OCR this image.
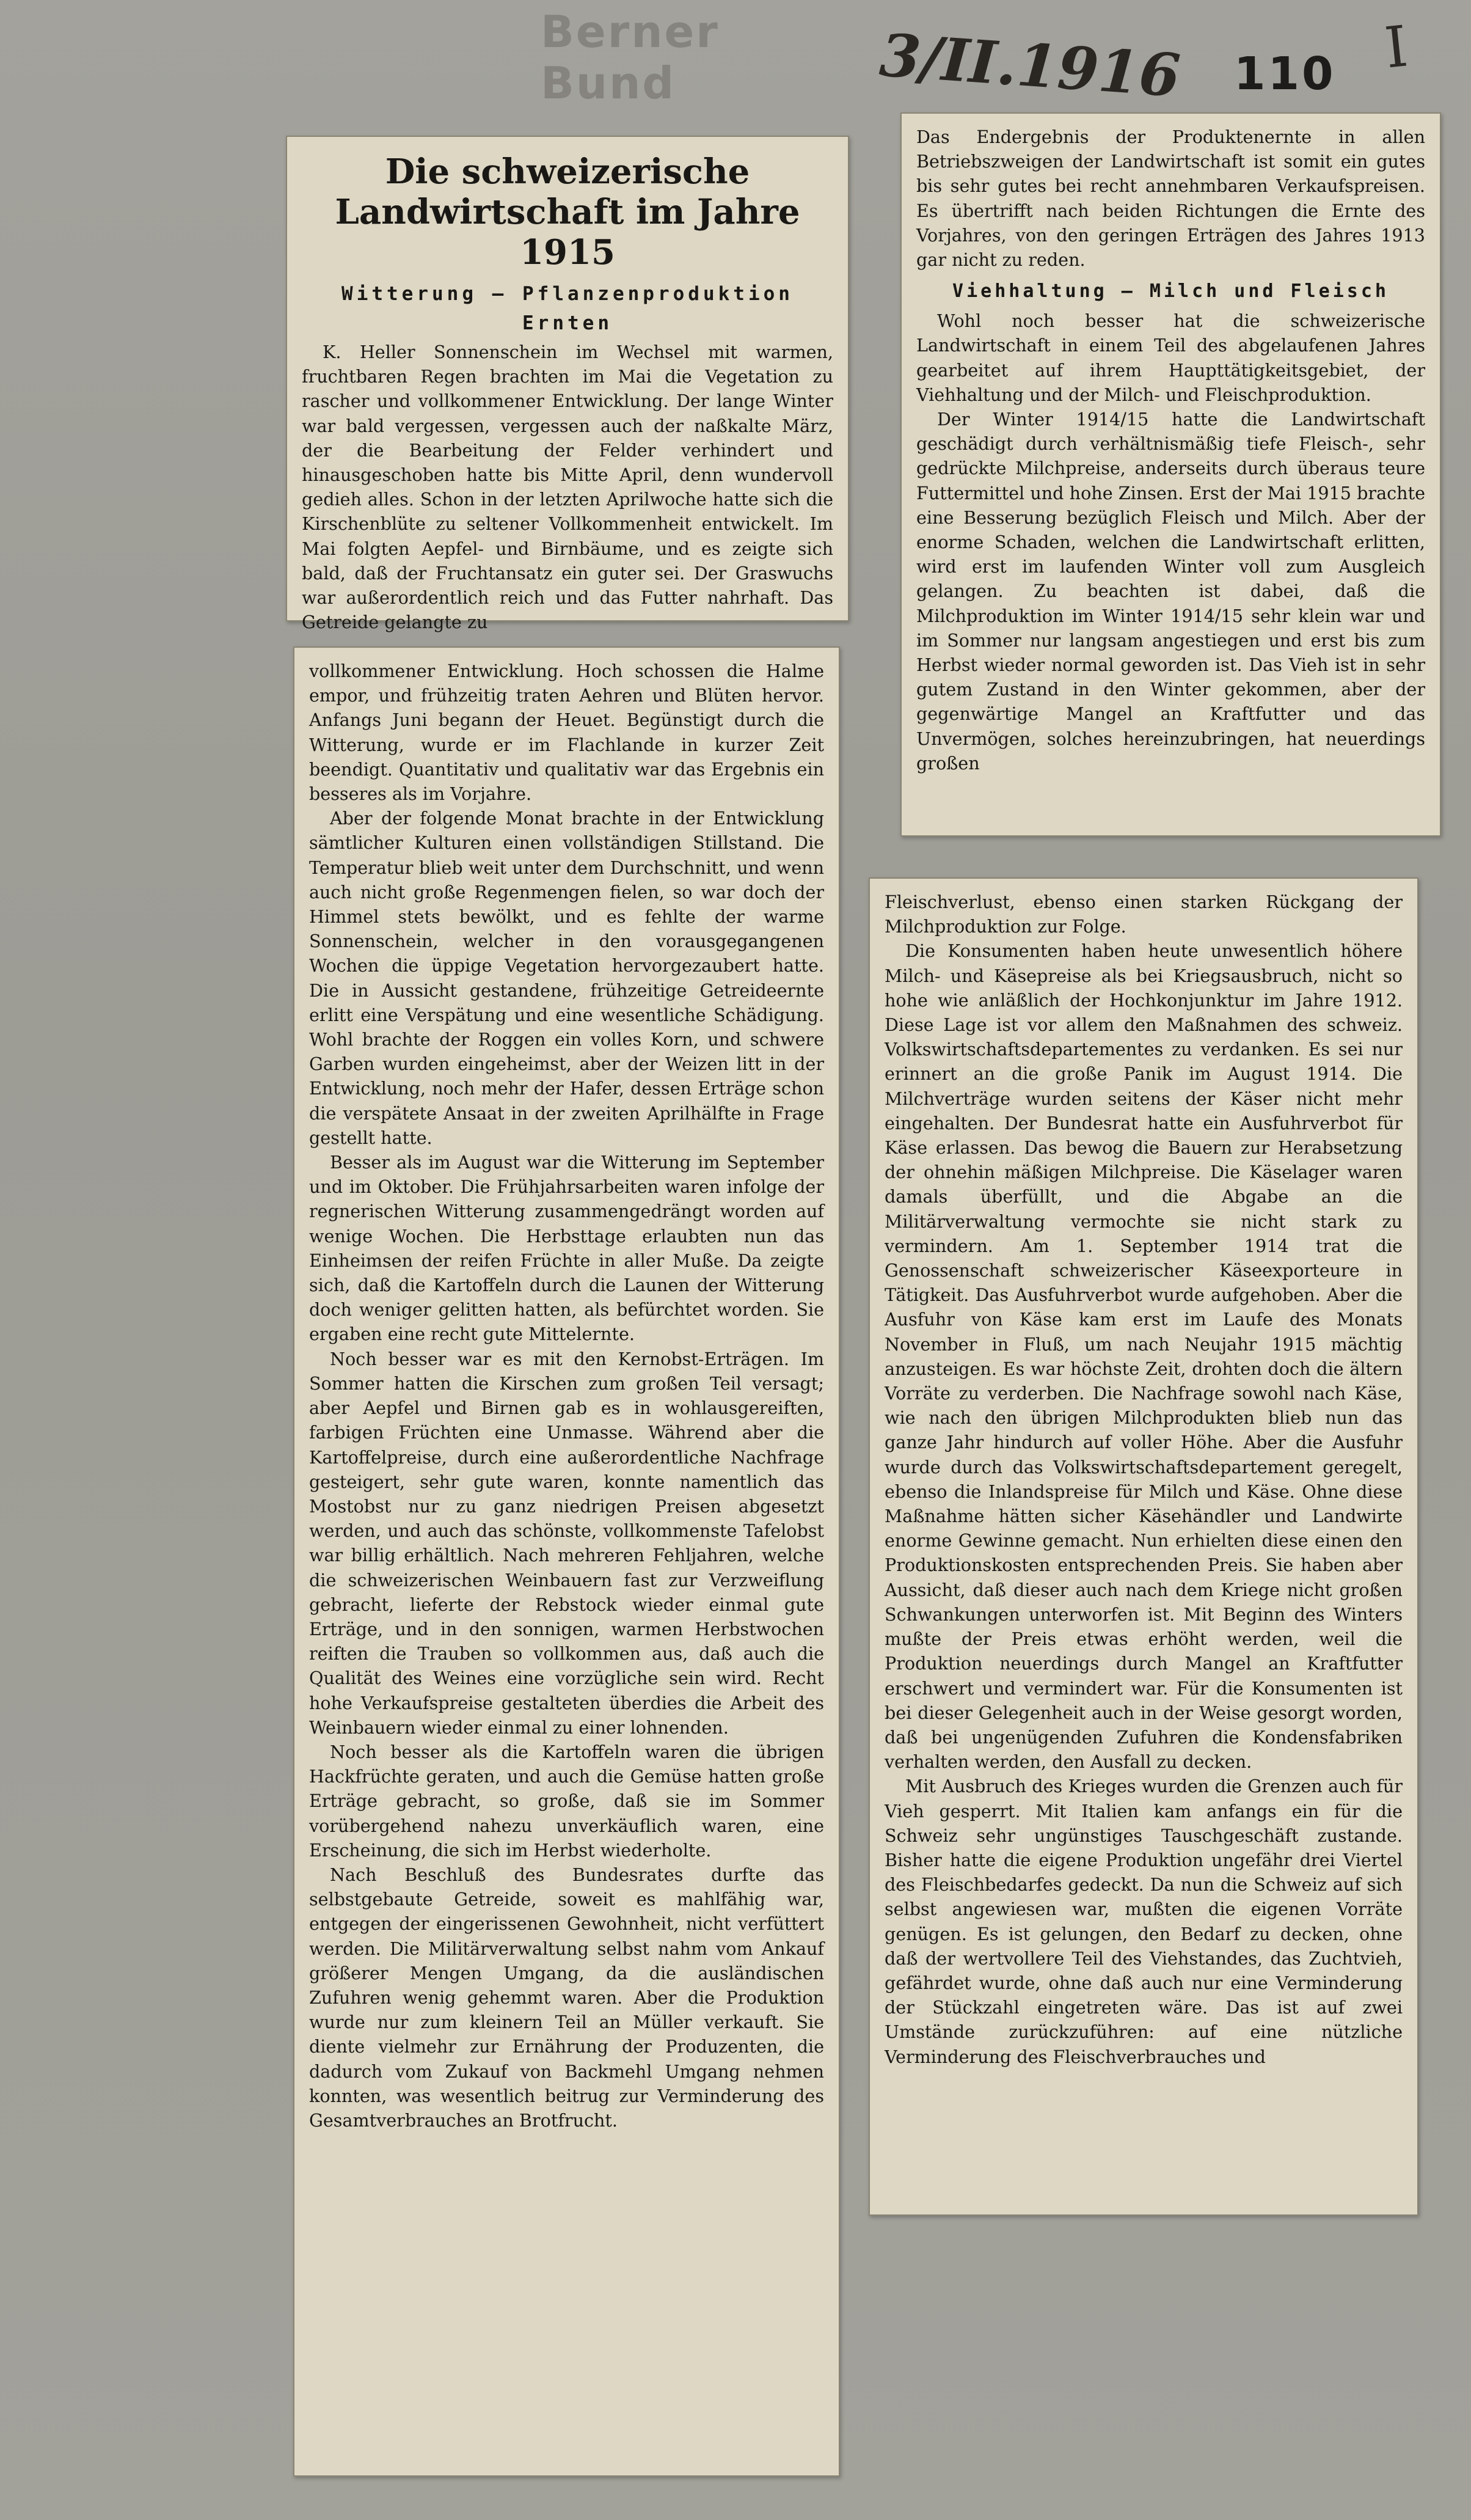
Berner Bund	3/II.1916 110 I
Die schweizerische Landwirtschaft im Jahre 1915
Witterung — Pflanzenproduktion
Ernten

K. Heller Sonnenschein im Wechsel mit warmen, fruchtbaren Regen brachten im Mai die Vegetation zu rascher und vollkommener Entwicklung. Der lange Winter war bald vergessen, vergessen auch der naßkalte März, der die Bearbeitung der Felder verhindert und hinausgeschoben hatte bis Mitte April, denn wundervoll gedieh alles. Schon in der letzten Aprilwoche hatte sich die Kirschenblüte zu seltener Vollkommenheit entwickelt. Im Mai folgten Aepfel- und Birnbäume, und es zeigte sich bald, daß der Fruchtansatz ein guter sei. Der Graswuchs war außerordentlich reich und das Futter nahrhaft. Das Getreide gelangte zu

vollkommener Entwicklung. Hoch schossen die Halme empor, und frühzeitig traten Aehren und Blüten hervor. Anfangs Juni begann der Heuet. Begünstigt durch die Witterung, wurde er im Flachlande in kurzer Zeit beendigt. Quantitativ und qualitativ war das Ergebnis ein besseres als im Vorjahre.

Aber der folgende Monat brachte in der Entwicklung sämtlicher Kulturen einen vollständigen Stillstand. Die Temperatur blieb weit unter dem Durchschnitt, und wenn auch nicht große Regenmengen fielen, so war doch der Himmel stets bewölkt, und es fehlte der warme Sonnenschein, welcher in den vorausgegangenen Wochen die üppige Vegetation hervorgezaubert hatte. Die in Aussicht gestandene, frühzeitige Getreideernte erlitt eine Verspätung und eine wesentliche Schädigung. Wohl brachte der Roggen ein volles Korn, und schwere Garben wurden eingeheimst, aber der Weizen litt in der Entwicklung, noch mehr der Hafer, dessen Erträge schon die verspätete Ansaat in der zweiten Aprilhälfte in Frage gestellt hatte.

Besser als im August war die Witterung im September und im Oktober. Die Frühjahrsarbeiten waren infolge der regnerischen Witterung zusammengedrängt worden auf wenige Wochen. Die Herbsttage erlaubten nun das Einheimsen der reifen Früchte in aller Muße. Da zeigte sich, daß die Kartoffeln durch die Launen der Witterung doch weniger gelitten hatten, als befürchtet worden. Sie ergaben eine recht gute Mittelernte.

Noch besser war es mit den Kernobst-Erträgen. Im Sommer hatten die Kirschen zum großen Teil versagt; aber Aepfel und Birnen gab es in wohlausgereiften, farbigen Früchten eine Unmasse. Während aber die Kartoffelpreise, durch eine außerordentliche Nachfrage gesteigert, sehr gute waren, konnte namentlich das Mostobst nur zu ganz niedrigen Preisen abgesetzt werden, und auch das schönste, vollkommenste Tafelobst war billig erhältlich. Nach mehreren Fehljahren, welche die schweizerischen Weinbauern fast zur Verzweiflung gebracht, lieferte der Rebstock wieder einmal gute Erträge, und in den sonnigen, warmen Herbstwochen reiften die Trauben so vollkommen aus, daß auch die Qualität des Weines eine vorzügliche sein wird. Recht hohe Verkaufspreise gestalteten überdies die Arbeit des Weinbauern wieder einmal zu einer lohnenden.

Noch besser als die Kartoffeln waren die übrigen Hackfrüchte geraten, und auch die Gemüse hatten große Erträge gebracht, so große, daß sie im Sommer vorübergehend nahezu unverkäuflich waren, eine Erscheinung, die sich im Herbst wiederholte.

Nach Beschluß des Bundesrates durfte das selbstgebaute Getreide, soweit es mahlfähig war, entgegen der eingerissenen Gewohnheit, nicht verfüttert werden. Die Militärverwaltung selbst nahm vom Ankauf größerer Mengen Umgang, da die ausländischen Zufuhren wenig gehemmt waren. Aber die Produktion wurde nur zum kleinern Teil an Müller verkauft. Sie diente vielmehr zur Ernährung der Produzenten, die dadurch vom Zukauf von Backmehl Umgang nehmen konnten, was wesentlich beitrug zur Verminderung des Gesamtverbrauches an Brotfrucht.

Das Endergebnis der Produktenernte in allen Betriebszweigen der Landwirtschaft ist somit ein gutes bis sehr gutes bei recht annehmbaren Verkaufspreisen. Es übertrifft nach beiden Richtungen die Ernte des Vorjahres, von den geringen Erträgen des Jahres 1913 gar nicht zu reden.

Viehhaltung — Milch und Fleisch

Wohl noch besser hat die schweizerische Landwirtschaft in einem Teil des abgelaufenen Jahres gearbeitet auf ihrem Haupttätigkeitsgebiet, der Viehhaltung und der Milch- und Fleischproduktion.

Der Winter 1914/15 hatte die Landwirtschaft geschädigt durch verhältnismäßig tiefe Fleisch-, sehr gedrückte Milchpreise, anderseits durch überaus teure Futtermittel und hohe Zinsen. Erst der Mai 1915 brachte eine Besserung bezüglich Fleisch und Milch. Aber der enorme Schaden, welchen die Landwirtschaft erlitten, wird erst im laufenden Winter voll zum Ausgleich gelangen. Zu beachten ist dabei, daß die Milchproduktion im Winter 1914/15 sehr klein war und im Sommer nur langsam angestiegen und erst bis zum Herbst wieder normal geworden ist. Das Vieh ist in sehr gutem Zustand in den Winter gekommen, aber der gegenwärtige Mangel an Kraftfutter und das Unvermögen, solches hereinzubringen, hat neuerdings großen

Fleischverlust, ebenso einen starken Rückgang der Milchproduktion zur Folge.

Die Konsumenten haben heute unwesentlich höhere Milch- und Käsepreise als bei Kriegsausbruch, nicht so hohe wie anläßlich der Hochkonjunktur im Jahre 1912. Diese Lage ist vor allem den Maßnahmen des schweiz. Volkswirtschaftsdepartementes zu verdanken. Es sei nur erinnert an die große Panik im August 1914. Die Milchverträge wurden seitens der Käser nicht mehr eingehalten. Der Bundesrat hatte ein Ausfuhrverbot für Käse erlassen. Das bewog die Bauern zur Herabsetzung der ohnehin mäßigen Milchpreise. Die Käselager waren damals überfüllt, und die Abgabe an die Militärverwaltung vermochte sie nicht stark zu vermindern. Am 1. September 1914 trat die Genossenschaft schweizerischer Käseexporteure in Tätigkeit. Das Ausfuhrverbot wurde aufgehoben. Aber die Ausfuhr von Käse kam erst im Laufe des Monats November in Fluß, um nach Neujahr 1915 mächtig anzusteigen. Es war höchste Zeit, drohten doch die ältern Vorräte zu verderben. Die Nachfrage sowohl nach Käse, wie nach den übrigen Milchprodukten blieb nun das ganze Jahr hindurch auf voller Höhe. Aber die Ausfuhr wurde durch das Volkswirtschaftsdepartement geregelt, ebenso die Inlandspreise für Milch und Käse. Ohne diese Maßnahme hätten sicher Käsehändler und Landwirte enorme Gewinne gemacht. Nun erhielten diese einen den Produktionskosten entsprechenden Preis. Sie haben aber Aussicht, daß dieser auch nach dem Kriege nicht großen Schwankungen unterworfen ist. Mit Beginn des Winters mußte der Preis etwas erhöht werden, weil die Produktion neuerdings durch Mangel an Kraftfutter erschwert und vermindert war. Für die Konsumenten ist bei dieser Gelegenheit auch in der Weise gesorgt worden, daß bei ungenügenden Zufuhren die Kondensfabriken verhalten werden, den Ausfall zu decken.

Mit Ausbruch des Krieges wurden die Grenzen auch für Vieh gesperrt. Mit Italien kam anfangs ein für die Schweiz sehr ungünstiges Tauschgeschäft zustande. Bisher hatte die eigene Produktion ungefähr drei Viertel des Fleischbedarfes gedeckt. Da nun die Schweiz auf sich selbst angewiesen war, mußten die eigenen Vorräte genügen. Es ist gelungen, den Bedarf zu decken, ohne daß der wertvollere Teil des Viehstandes, das Zuchtvieh, gefährdet wurde, ohne daß auch nur eine Verminderung der Stückzahl eingetreten wäre. Das ist auf zwei Umstände zurückzuführen: auf eine nützliche Verminderung des Fleischverbrauches und
